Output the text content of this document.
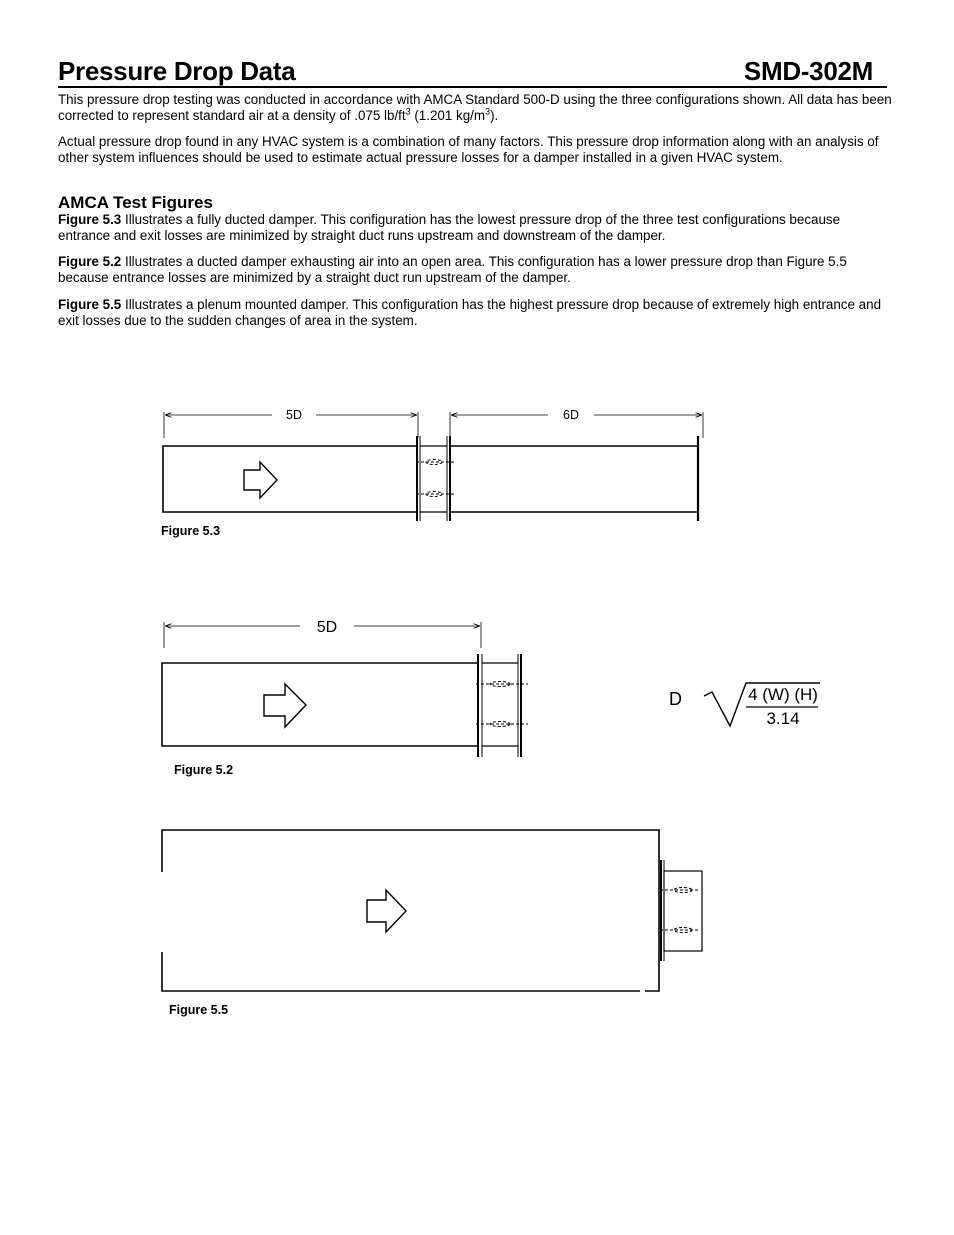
Pressure Drop Data	SMD-302M

This pressure drop testing was conducted in accordance with AMCA Standard 500-D using the three configurations shown. All data has been corrected to represent standard air at a density of .075 $lb/ft^3$ (1.201 $kg/m^3$).

Actual pressure drop found in any HVAC system is a combination of many factors. This pressure drop information along with an analysis of other system influences should be used to estimate actual pressure losses for a damper installed in a given HVAC system.

AMCA Test Figures

Figure 5.3 Illustrates a fully ducted damper. This configuration has the lowest pressure drop of the three test configurations because entrance and exit losses are minimized by straight duct runs upstream and downstream of the damper.

Figure 5.2 Illustrates a ducted damper exhausting air into an open area. This configuration has a lower pressure drop than Figure 5.5 because entrance losses are minimized by a straight duct run upstream of the damper.

Figure 5.5 Illustrates a plenum mounted damper. This configuration has the highest pressure drop because of extremely high entrance and exit losses due to the sudden changes of area in the system.

5D	6D
Figure 5.3
5D
Figure 5.2
D	4 (W) (H)
3.14
Figure 5.5
